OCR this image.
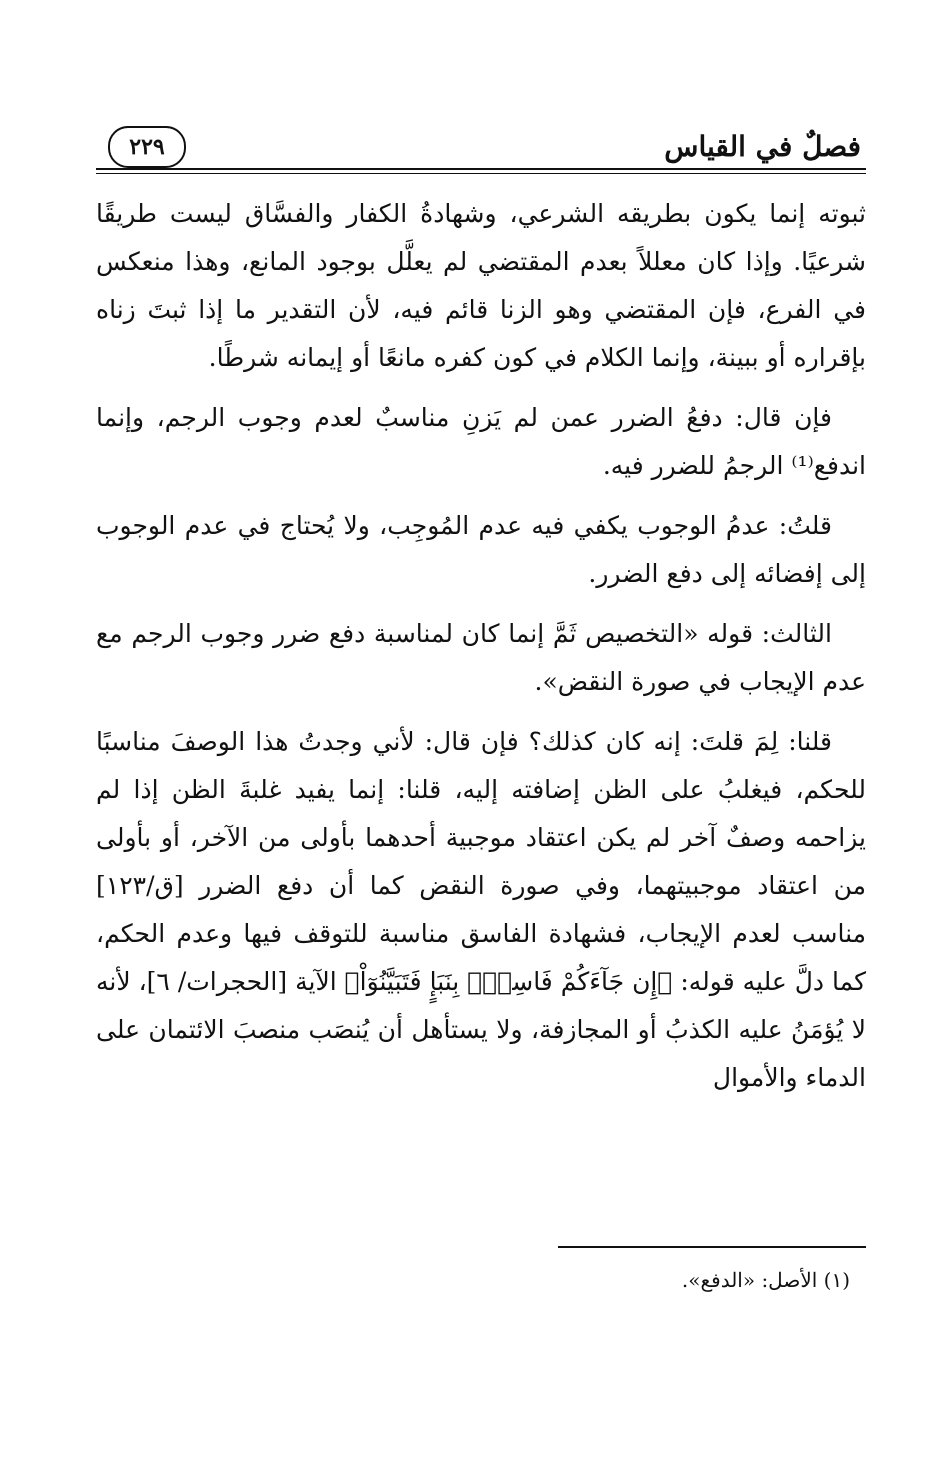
فصلٌ في القياس
٢٢٩

ثبوته إنما يكون بطريقه الشرعي، وشهادةُ الكفار والفسَّاق ليست طريقًا شرعيًا. وإذا كان معللاً بعدم المقتضي لم يعلَّل بوجود المانع، وهذا منعكس في الفرع، فإن المقتضي وهو الزنا قائم فيه، لأن التقدير ما إذا ثبتَ زناه بإقراره أو ببينة، وإنما الكلام في كون كفره مانعًا أو إيمانه شرطًا.

فإن قال: دفعُ الضرر عمن لم يَزنِ مناسبٌ لعدم وجوب الرجم، وإنما اندفع⁽¹⁾ الرجمُ للضرر فيه.

قلتُ: عدمُ الوجوب يكفي فيه عدم المُوجِب، ولا يُحتاج في عدم الوجوب إلى إفضائه إلى دفع الضرر.

الثالث: قوله «التخصيص ثَمَّ إنما كان لمناسبة دفع ضرر وجوب الرجم مع عدم الإيجاب في صورة النقض».

قلنا: لِمَ قلتَ: إنه كان كذلك؟ فإن قال: لأني وجدتُ هذا الوصفَ مناسبًا للحكم، فيغلبُ على الظن إضافته إليه، قلنا: إنما يفيد غلبةَ الظن إذا لم يزاحمه وصفٌ آخر لم يكن اعتقاد موجبية أحدهما بأولى من الآخر، أو بأولى من اعتقاد موجبيتهما، وفي صورة النقض كما أن دفع الضرر [ق/١٢٣] مناسب لعدم الإيجاب، فشهادة الفاسق مناسبة للتوقف فيها وعدم الحكم، كما دلَّ عليه قوله: ﴿إِن جَآءَكُمْ فَاسِقُۢ بِنَبَإٍ فَتَبَيَّنُوٓاْ﴾ الآية [الحجرات/ ٦]، لأنه لا يُؤمَنُ عليه الكذبُ أو المجازفة، ولا يستأهل أن يُنصَب منصبَ الائتمان على الدماء والأموال

(١) الأصل: «الدفع».
